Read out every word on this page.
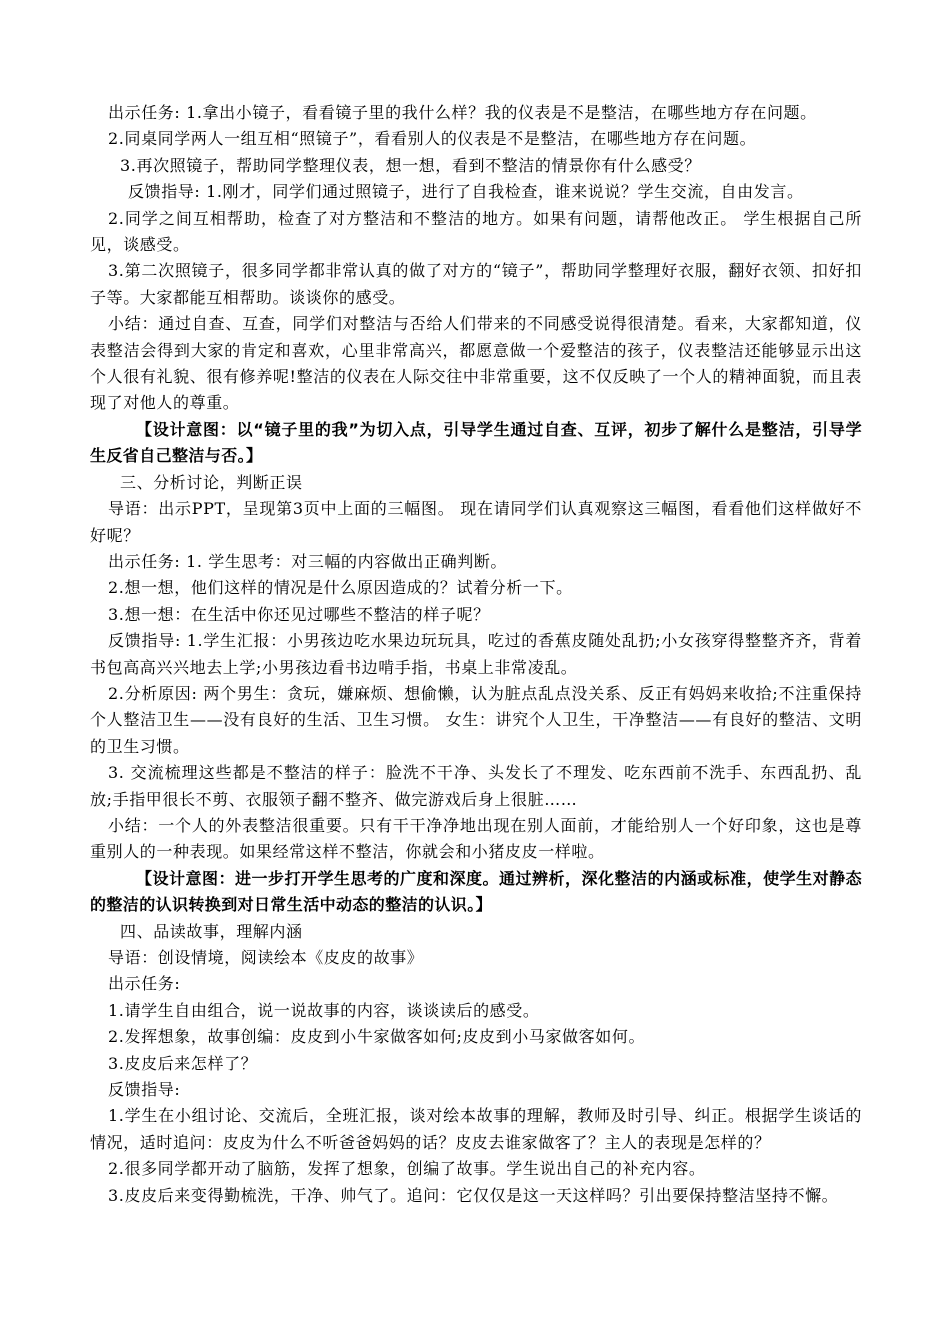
出示任务: 1.拿出小镜子，看看镜子里的我什么样？我的仪表是不是整洁，在哪些地方存在问题。

2.同桌同学两人一组互相“照镜子”，看看别人的仪表是不是整洁，在哪些地方存在问题。

3.再次照镜子，帮助同学整理仪表，想一想，看到不整洁的情景你有什么感受？

反馈指导: 1.刚才，同学们通过照镜子，进行了自我检查，谁来说说？学生交流，自由发言。

2.同学之间互相帮助，检查了对方整洁和不整洁的地方。如果有问题，请帮他改正。 学生根据自己所见，谈感受。

3.第二次照镜子，很多同学都非常认真的做了对方的“镜子”，帮助同学整理好衣服，翻好衣领、扣好扣子等。大家都能互相帮助。谈谈你的感受。

小结：通过自查、互查，同学们对整洁与否给人们带来的不同感受说得很清楚。看来，大家都知道，仪表整洁会得到大家的肯定和喜欢，心里非常高兴，都愿意做一个爱整洁的孩子，仪表整洁还能够显示出这个人很有礼貌、很有修养呢!整洁的仪表在人际交往中非常重要，这不仅反映了一个人的精神面貌，而且表现了对他人的尊重。

【设计意图：以“镜子里的我”为切入点，引导学生通过自查、互评，初步了解什么是整洁，引导学生反省自己整洁与否。】

三、分析讨论，判断正误

导语：出示PPT，呈现第3页中上面的三幅图。 现在请同学们认真观察这三幅图，看看他们这样做好不好呢？

出示任务: 1. 学生思考：对三幅的内容做出正确判断。

2.想一想，他们这样的情况是什么原因造成的？试着分析一下。

3.想一想：在生活中你还见过哪些不整洁的样子呢？

反馈指导: 1.学生汇报：小男孩边吃水果边玩玩具，吃过的香蕉皮随处乱扔;小女孩穿得整整齐齐，背着书包高高兴兴地去上学;小男孩边看书边啃手指，书桌上非常凌乱。

2.分析原因: 两个男生：贪玩，嫌麻烦、想偷懒，认为脏点乱点没关系、反正有妈妈来收拾;不注重保持个人整洁卫生——没有良好的生活、卫生习惯。 女生：讲究个人卫生，干净整洁——有良好的整洁、文明的卫生习惯。

3. 交流梳理这些都是不整洁的样子：脸洗不干净、头发长了不理发、吃东西前不洗手、东西乱扔、乱放;手指甲很长不剪、衣服领子翻不整齐、做完游戏后身上很脏……

小结：一个人的外表整洁很重要。只有干干净净地出现在别人面前，才能给别人一个好印象，这也是尊重别人的一种表现。如果经常这样不整洁，你就会和小猪皮皮一样啦。

【设计意图：进一步打开学生思考的广度和深度。通过辨析，深化整洁的内涵或标准，使学生对静态的整洁的认识转换到对日常生活中动态的整洁的认识。】

四、品读故事，理解内涵

导语：创设情境，阅读绘本《皮皮的故事》

出示任务:

1.请学生自由组合，说一说故事的内容，谈谈读后的感受。

2.发挥想象，故事创编：皮皮到小牛家做客如何;皮皮到小马家做客如何。

3.皮皮后来怎样了？

反馈指导:

1.学生在小组讨论、交流后，全班汇报，谈对绘本故事的理解，教师及时引导、纠正。根据学生谈话的情况，适时追问：皮皮为什么不听爸爸妈妈的话？皮皮去谁家做客了？主人的表现是怎样的？

2.很多同学都开动了脑筋，发挥了想象，创编了故事。学生说出自己的补充内容。

3.皮皮后来变得勤梳洗，干净、帅气了。追问：它仅仅是这一天这样吗？引出要保持整洁坚持不懈。
